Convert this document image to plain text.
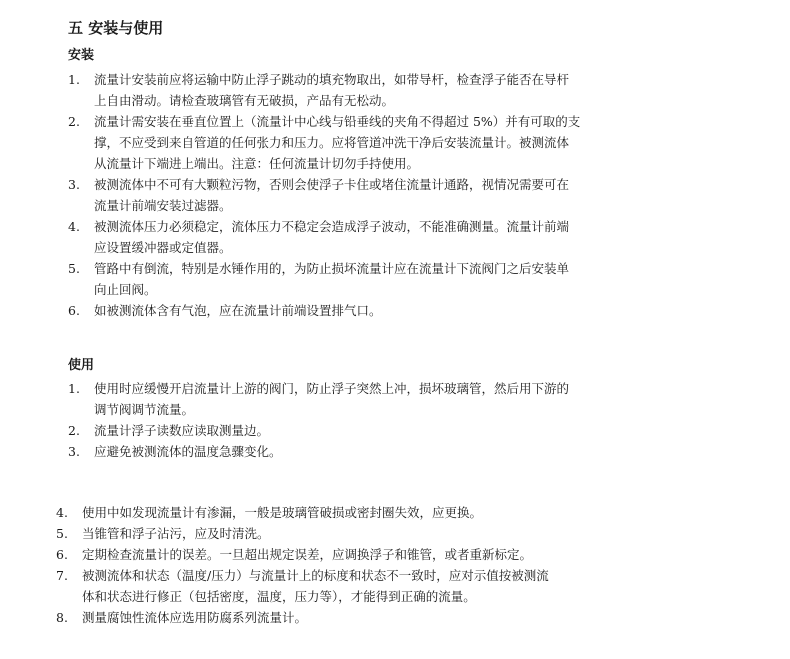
​
五 安装与使用
安装
1. 流量计安装前应将运输中防止浮子跳动的填充物取出，如带导杆，检查浮子能否在导杆
上自由滑动。请检查玻璃管有无破损，产品有无松动。
2. 流量计需安装在垂直位置上（流量计中心线与铅垂线的夹角不得超过 5%）并有可取的支
撑，不应受到来自管道的任何张力和压力。应将管道冲洗干净后安装流量计。被测流体
从流量计下端进上端出。注意：任何流量计切勿手持使用。
3. 被测流体中不可有大颗粒污物，否则会使浮子卡住或堵住流量计通路，视情况需要可在
流量计前端安装过滤器。
4. 被测流体压力必须稳定，流体压力不稳定会造成浮子波动，不能准确测量。流量计前端
应设置缓冲器或定值器。
5. 管路中有倒流，特别是水锤作用的，为防止损坏流量计应在流量计下流阀门之后安装单
向止回阀。
6. 如被测流体含有气泡，应在流量计前端设置排气口。
使用
1. 使用时应缓慢开启流量计上游的阀门，防止浮子突然上冲，损坏玻璃管，然后用下游的
调节阀调节流量。
2. 流量计浮子读数应读取测量边。
3. 应避免被测流体的温度急骤变化。
4. 使用中如发现流量计有渗漏，一般是玻璃管破损或密封圈失效，应更换。
5. 当锥管和浮子沾污，应及时清洗。
6. 定期检查流量计的误差。一旦超出规定误差，应调换浮子和锥管，或者重新标定。
7. 被测流体和状态（温度/压力）与流量计上的标度和状态不一致时，应对示值按被测流
体和状态进行修正（包括密度，温度，压力等），才能得到正确的流量。
8. 测量腐蚀性流体应选用防腐系列流量计。
